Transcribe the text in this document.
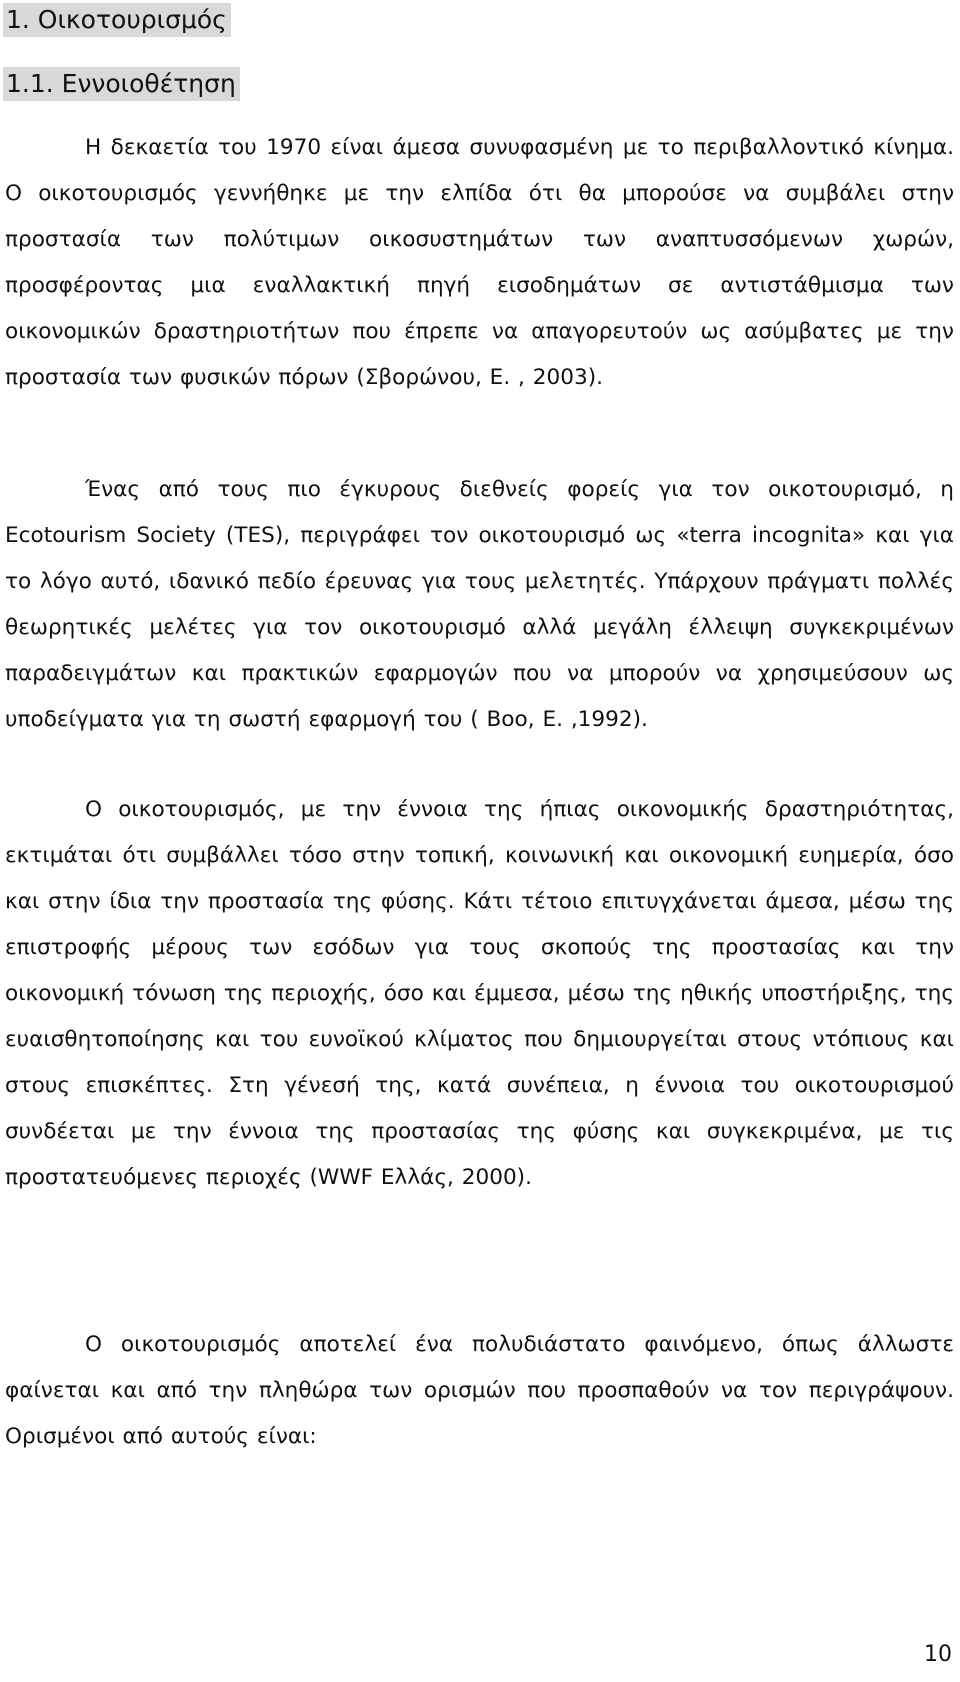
1. Οικοτουρισμός
1.1. Εννοιοθέτηση

Η δεκαετία του 1970 είναι άμεσα συνυφασμένη με το περιβαλλοντικό κίνημα. Ο οικοτουρισμός γεννήθηκε με την ελπίδα ότι θα μπορούσε να συμβάλει στην προστασία των πολύτιμων οικοσυστημάτων των αναπτυσσόμενων χωρών, προσφέροντας μια εναλλακτική πηγή εισοδημάτων σε αντιστάθμισμα των οικονομικών δραστηριοτήτων που έπρεπε να απαγορευτούν ως ασύμβατες με την προστασία των φυσικών πόρων (Σβορώνου, Ε. , 2003).

Ένας από τους πιο έγκυρους διεθνείς φορείς για τον οικοτουρισμό, η Ecotourism Society (TES), περιγράφει τον οικοτουρισμό ως «terra incognita» και για το λόγο αυτό, ιδανικό πεδίο έρευνας για τους μελετητές. Υπάρχουν πράγματι πολλές θεωρητικές μελέτες για τον οικοτουρισμό αλλά μεγάλη έλλειψη συγκεκριμένων παραδειγμάτων και πρακτικών εφαρμογών που να μπορούν να χρησιμεύσουν ως υποδείγματα για τη σωστή εφαρμογή του ( Boo, E. ,1992).

Ο οικοτουρισμός, με την έννοια της ήπιας οικονομικής δραστηριότητας, εκτιμάται ότι συμβάλλει τόσο στην τοπική, κοινωνική και οικονομική ευημερία, όσο και στην ίδια την προστασία της φύσης. Κάτι τέτοιο επιτυγχάνεται άμεσα, μέσω της επιστροφής μέρους των εσόδων για τους σκοπούς της προστασίας και την οικονομική τόνωση της περιοχής, όσο και έμμεσα, μέσω της ηθικής υποστήριξης, της ευαισθητοποίησης και του ευνοϊκού κλίματος που δημιουργείται στους ντόπιους και στους επισκέπτες. Στη γένεσή της, κατά συνέπεια, η έννοια του οικοτουρισμού συνδέεται με την έννοια της προστασίας της φύσης και συγκεκριμένα, με τις προστατευόμενες περιοχές (WWF Ελλάς, 2000).

Ο οικοτουρισμός αποτελεί ένα πολυδιάστατο φαινόμενο, όπως άλλωστε φαίνεται και από την πληθώρα των ορισμών που προσπαθούν να τον περιγράψουν. Ορισμένοι από αυτούς είναι:

10
